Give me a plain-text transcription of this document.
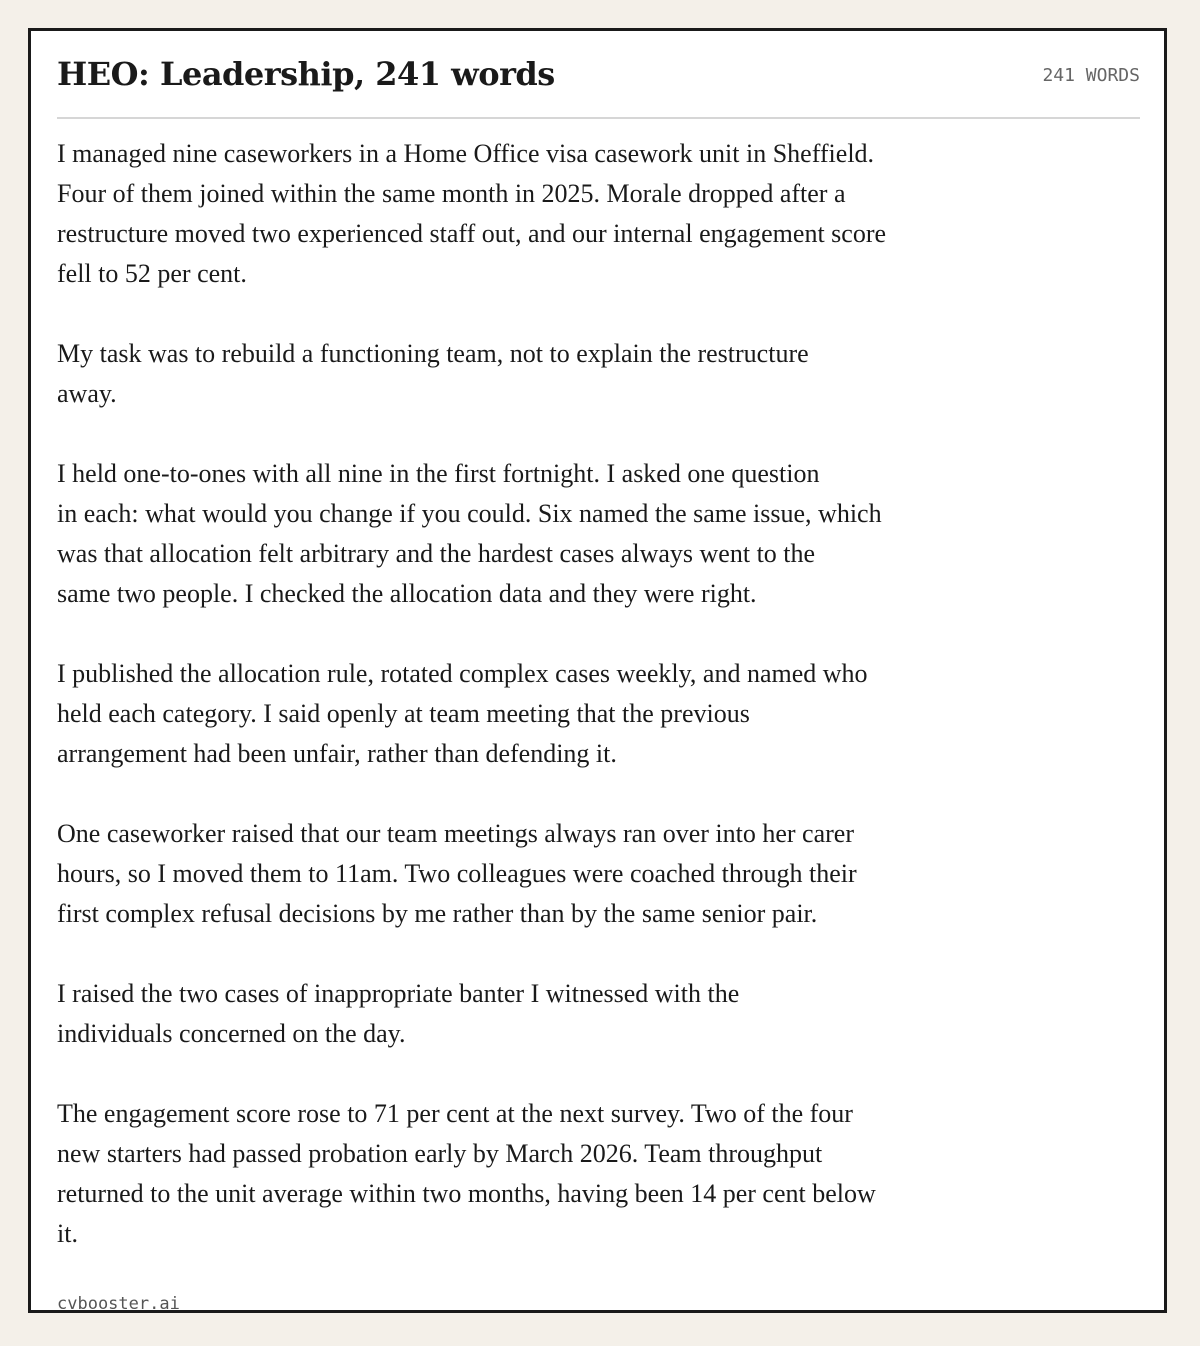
HEO: Leadership, 241 words	241 WORDS

I managed nine caseworkers in a Home Office visa casework unit in Sheffield.
Four of them joined within the same month in 2025. Morale dropped after a
restructure moved two experienced staff out, and our internal engagement score
fell to 52 per cent.

My task was to rebuild a functioning team, not to explain the restructure
away.

I held one-to-ones with all nine in the first fortnight. I asked one question
in each: what would you change if you could. Six named the same issue, which
was that allocation felt arbitrary and the hardest cases always went to the
same two people. I checked the allocation data and they were right.

I published the allocation rule, rotated complex cases weekly, and named who
held each category. I said openly at team meeting that the previous
arrangement had been unfair, rather than defending it.

One caseworker raised that our team meetings always ran over into her carer
hours, so I moved them to 11am. Two colleagues were coached through their
first complex refusal decisions by me rather than by the same senior pair.

I raised the two cases of inappropriate banter I witnessed with the
individuals concerned on the day.

The engagement score rose to 71 per cent at the next survey. Two of the four
new starters had passed probation early by March 2026. Team throughput
returned to the unit average within two months, having been 14 per cent below
it.

cvbooster.ai
